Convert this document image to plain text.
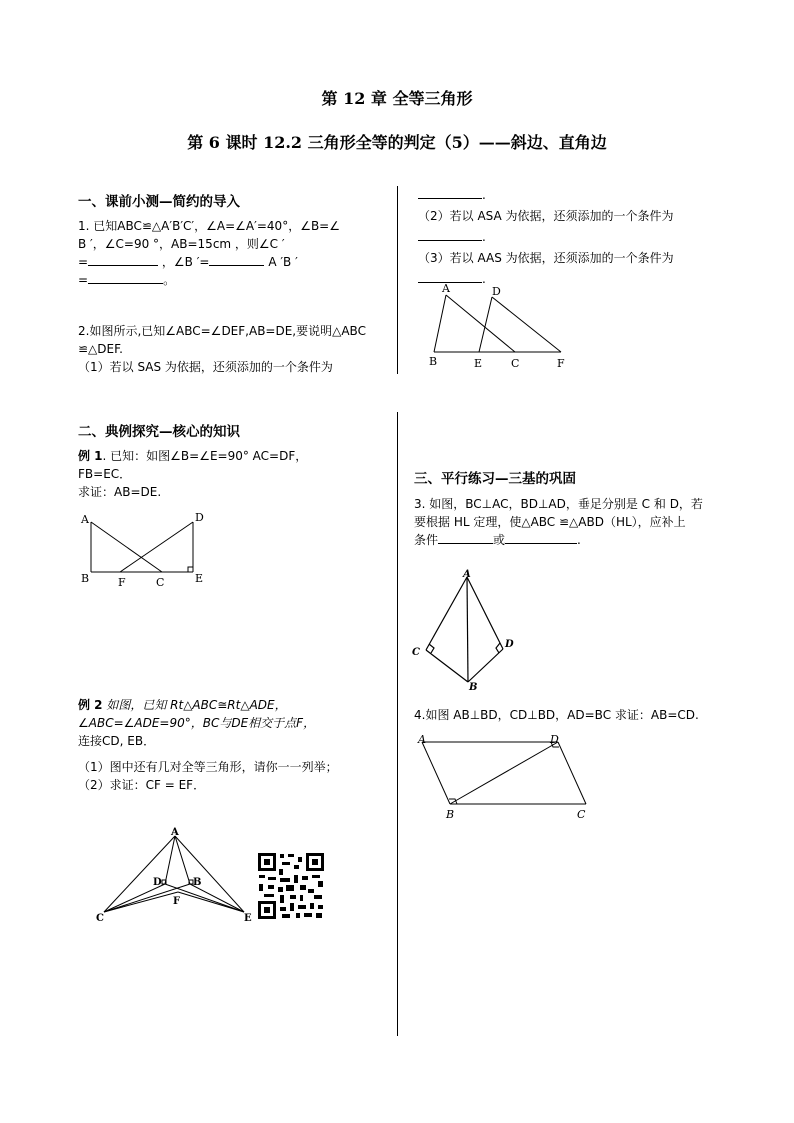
第 12 章 全等三角形
第 6 课时 12.2 三角形全等的判定（5）——斜边、直角边
一、课前小测—简约的导入
1. 已知ABC≌△A′B′C′，∠A=∠A′=40°，∠B=∠
B ′，∠C=90 °，AB=15cm ，则∠C ′
=	，∠B ′=	A ′B ′
=	。
2.如图所示,已知∠ABC=∠DEF,AB=DE,要说明△ABC
≌△DEF.
（1）若以 SAS 为依据，还须添加的一个条件为
二、典例探究—核心的知识
例 1. 已知：如图∠B=∠E=90° AC=DF，
FB=EC．
求证：AB=DE.
A	D
B	E
C
F
例 2 如图，已知 Rt△ABC≅Rt△ADE，
∠ABC=∠ADE=90°，BC与DE相交于点F，
连接CD, EB．
（1）图中还有几对全等三角形，请你一一列举；
（2）求证：CF = EF．
A
D	B
F
C	E
.
（2）若以 ASA 为依据，还须添加的一个条件为
.
（3）若以 AAS 为依据，还须添加的一个条件为
.
A	D
B	E	C	F
三、平行练习—三基的巩固
3. 如图，BC⊥AC，BD⊥AD，垂足分别是 C 和 D，若
要根据 HL 定理，使△ABC ≌△ABD（HL），应补上
条件	或	.
A
C
D
B
4.如图 AB⊥BD，CD⊥BD，AD=BC 求证：AB=CD.
A	D
B	C
